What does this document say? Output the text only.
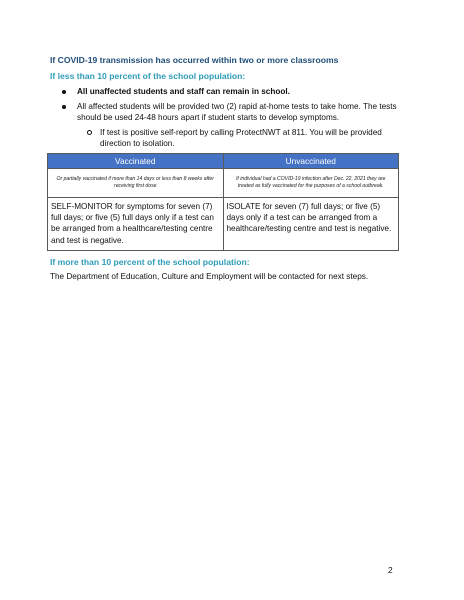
If COVID-19 transmission has occurred within two or more classrooms
If less than 10 percent of the school population:
All unaffected students and staff can remain in school.
All affected students will be provided two (2) rapid at-home tests to take home. The tests should be used 24-48 hours apart if student starts to develop symptoms.
If test is positive self-report by calling ProtectNWT at 811. You will be provided direction to isolation.
Vaccinated	Unvaccinated
Or partially vaccinated if more than 14 days or less than 8 weeks after receiving first dose	If individual had a COVID-19 infection after Dec. 22, 2021 they are treated as fully vaccinated for the purposes of a school outbreak.
SELF-MONITOR for symptoms for seven (7) full days; or five (5) full days only if a test can be arranged from a healthcare/testing centre and test is negative.	ISOLATE for seven (7) full days; or five (5) days only if a test can be arranged from a healthcare/testing centre and test is negative.
If more than 10 percent of the school population:
The Department of Education, Culture and Employment will be contacted for next steps.
2
